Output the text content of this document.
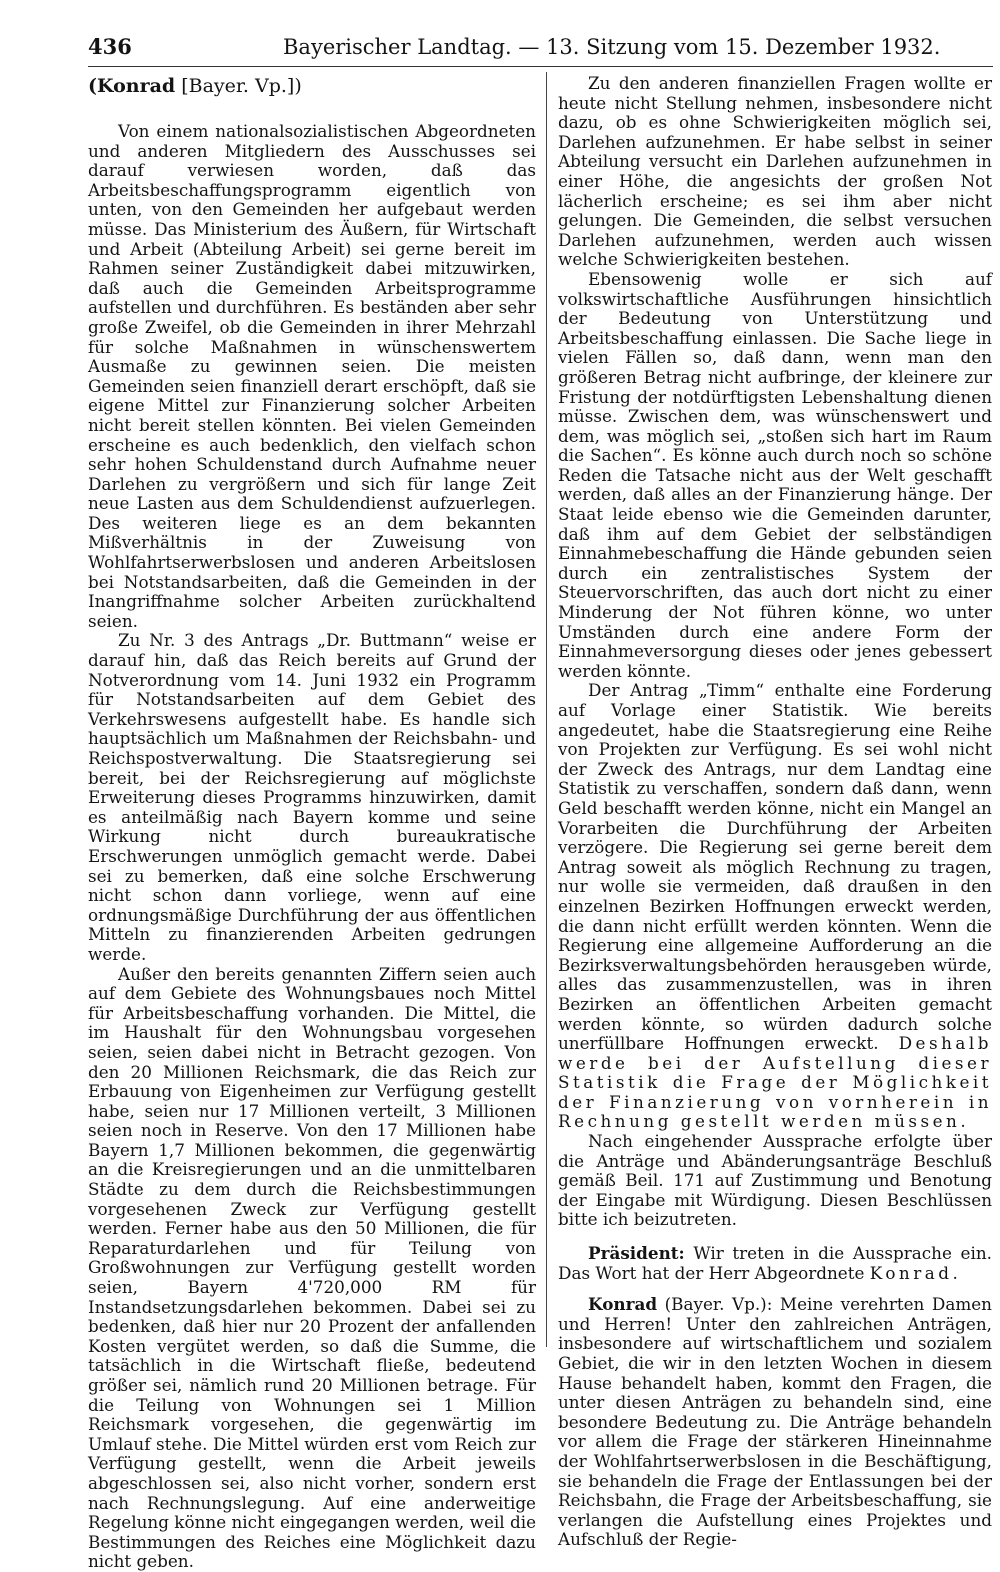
436	Bayerischer Landtag. — 13. Sitzung vom 15. Dezember 1932.

(Konrad [Bayer. Vp.])

Von einem nationalsozialistischen Abgeordneten und anderen Mitgliedern des Ausschusses sei darauf verwiesen worden, daß das Arbeitsbeschaffungsprogramm eigentlich von unten, von den Gemeinden her aufgebaut werden müsse. Das Ministerium des Äußern, für Wirtschaft und Arbeit (Abteilung Arbeit) sei gerne bereit im Rahmen seiner Zuständigkeit dabei mitzuwirken, daß auch die Gemeinden Arbeitsprogramme aufstellen und durchführen. Es beständen aber sehr große Zweifel, ob die Gemeinden in ihrer Mehrzahl für solche Maßnahmen in wünschenswertem Ausmaße zu gewinnen seien. Die meisten Gemeinden seien finanziell derart erschöpft, daß sie eigene Mittel zur Finanzierung solcher Arbeiten nicht bereit stellen könnten. Bei vielen Gemeinden erscheine es auch bedenklich, den vielfach schon sehr hohen Schuldenstand durch Aufnahme neuer Darlehen zu vergrößern und sich für lange Zeit neue Lasten aus dem Schuldendienst aufzuerlegen. Des weiteren liege es an dem bekannten Mißverhältnis in der Zuweisung von Wohlfahrtserwerbslosen und anderen Arbeitslosen bei Notstandsarbeiten, daß die Gemeinden in der Inangriffnahme solcher Arbeiten zurückhaltend seien.

Zu Nr. 3 des Antrags „Dr. Buttmann“ weise er darauf hin, daß das Reich bereits auf Grund der Notverordnung vom 14. Juni 1932 ein Programm für Notstandsarbeiten auf dem Gebiet des Verkehrswesens aufgestellt habe. Es handle sich hauptsächlich um Maßnahmen der Reichsbahn- und Reichspostverwaltung. Die Staatsregierung sei bereit, bei der Reichsregierung auf möglichste Erweiterung dieses Programms hinzuwirken, damit es anteilmäßig nach Bayern komme und seine Wirkung nicht durch bureaukratische Erschwerungen unmöglich gemacht werde. Dabei sei zu bemerken, daß eine solche Erschwerung nicht schon dann vorliege, wenn auf eine ordnungsmäßige Durchführung der aus öffentlichen Mitteln zu finanzierenden Arbeiten gedrungen werde.

Außer den bereits genannten Ziffern seien auch auf dem Gebiete des Wohnungsbaues noch Mittel für Arbeitsbeschaffung vorhanden. Die Mittel, die im Haushalt für den Wohnungsbau vorgesehen seien, seien dabei nicht in Betracht gezogen. Von den 20 Millionen Reichsmark, die das Reich zur Erbauung von Eigenheimen zur Verfügung gestellt habe, seien nur 17 Millionen verteilt, 3 Millionen seien noch in Reserve. Von den 17 Millionen habe Bayern 1,7 Millionen bekommen, die gegenwärtig an die Kreisregierungen und an die unmittelbaren Städte zu dem durch die Reichsbestimmungen vorgesehenen Zweck zur Verfügung gestellt werden. Ferner habe aus den 50 Millionen, die für Reparaturdarlehen und für Teilung von Großwohnungen zur Verfügung gestellt worden seien, Bayern 4'720,000 RM für Instandsetzungsdarlehen bekommen. Dabei sei zu bedenken, daß hier nur 20 Prozent der anfallenden Kosten vergütet werden, so daß die Summe, die tatsächlich in die Wirtschaft fließe, bedeutend größer sei, nämlich rund 20 Millionen betrage. Für die Teilung von Wohnungen sei 1 Million Reichsmark vorgesehen, die gegenwärtig im Umlauf stehe. Die Mittel würden erst vom Reich zur Verfügung gestellt, wenn die Arbeit jeweils abgeschlossen sei, also nicht vorher, sondern erst nach Rechnungslegung. Auf eine anderweitige Regelung könne nicht eingegangen werden, weil die Bestimmungen des Reiches eine Möglichkeit dazu nicht geben.

Zu den anderen finanziellen Fragen wollte er heute nicht Stellung nehmen, insbesondere nicht dazu, ob es ohne Schwierigkeiten möglich sei, Darlehen aufzunehmen. Er habe selbst in seiner Abteilung versucht ein Darlehen aufzunehmen in einer Höhe, die angesichts der großen Not lächerlich erscheine; es sei ihm aber nicht gelungen. Die Gemeinden, die selbst versuchen Darlehen aufzunehmen, werden auch wissen welche Schwierigkeiten bestehen.

Ebensowenig wolle er sich auf volkswirtschaftliche Ausführungen hinsichtlich der Bedeutung von Unterstützung und Arbeitsbeschaffung einlassen. Die Sache liege in vielen Fällen so, daß dann, wenn man den größeren Betrag nicht aufbringe, der kleinere zur Fristung der notdürftigsten Lebenshaltung dienen müsse. Zwischen dem, was wünschenswert und dem, was möglich sei, „stoßen sich hart im Raum die Sachen“. Es könne auch durch noch so schöne Reden die Tatsache nicht aus der Welt geschafft werden, daß alles an der Finanzierung hänge. Der Staat leide ebenso wie die Gemeinden darunter, daß ihm auf dem Gebiet der selbständigen Einnahmebeschaffung die Hände gebunden seien durch ein zentralistisches System der Steuervorschriften, das auch dort nicht zu einer Minderung der Not führen könne, wo unter Umständen durch eine andere Form der Einnahmeversorgung dieses oder jenes gebessert werden könnte.

Der Antrag „Timm“ enthalte eine Forderung auf Vorlage einer Statistik. Wie bereits angedeutet, habe die Staatsregierung eine Reihe von Projekten zur Verfügung. Es sei wohl nicht der Zweck des Antrags, nur dem Landtag eine Statistik zu verschaffen, sondern daß dann, wenn Geld beschafft werden könne, nicht ein Mangel an Vorarbeiten die Durchführung der Arbeiten verzögere. Die Regierung sei gerne bereit dem Antrag soweit als möglich Rechnung zu tragen, nur wolle sie vermeiden, daß draußen in den einzelnen Bezirken Hoffnungen erweckt werden, die dann nicht erfüllt werden könnten. Wenn die Regierung eine allgemeine Aufforderung an die Bezirksverwaltungsbehörden herausgeben würde, alles das zusammenzustellen, was in ihren Bezirken an öffentlichen Arbeiten gemacht werden könnte, so würden dadurch solche unerfüllbare Hoffnungen erweckt. Deshalb werde bei der Aufstellung dieser Statistik die Frage der Möglichkeit der Finanzierung von vornherein in Rechnung gestellt werden müssen.

Nach eingehender Aussprache erfolgte über die Anträge und Abänderungsanträge Beschluß gemäß Beil. 171 auf Zustimmung und Benotung der Eingabe mit Würdigung. Diesen Beschlüssen bitte ich beizutreten.

Präsident: Wir treten in die Aussprache ein. Das Wort hat der Herr Abgeordnete Konrad.

Konrad (Bayer. Vp.): Meine verehrten Damen und Herren! Unter den zahlreichen Anträgen, insbesondere auf wirtschaftlichem und sozialem Gebiet, die wir in den letzten Wochen in diesem Hause behandelt haben, kommt den Fragen, die unter diesen Anträgen zu behandeln sind, eine besondere Bedeutung zu. Die Anträge behandeln vor allem die Frage der stärkeren Hineinnahme der Wohlfahrtserwerbslosen in die Beschäftigung, sie behandeln die Frage der Entlassungen bei der Reichsbahn, die Frage der Arbeitsbeschaffung, sie verlangen die Aufstellung eines Projektes und Aufschluß der Regie-
